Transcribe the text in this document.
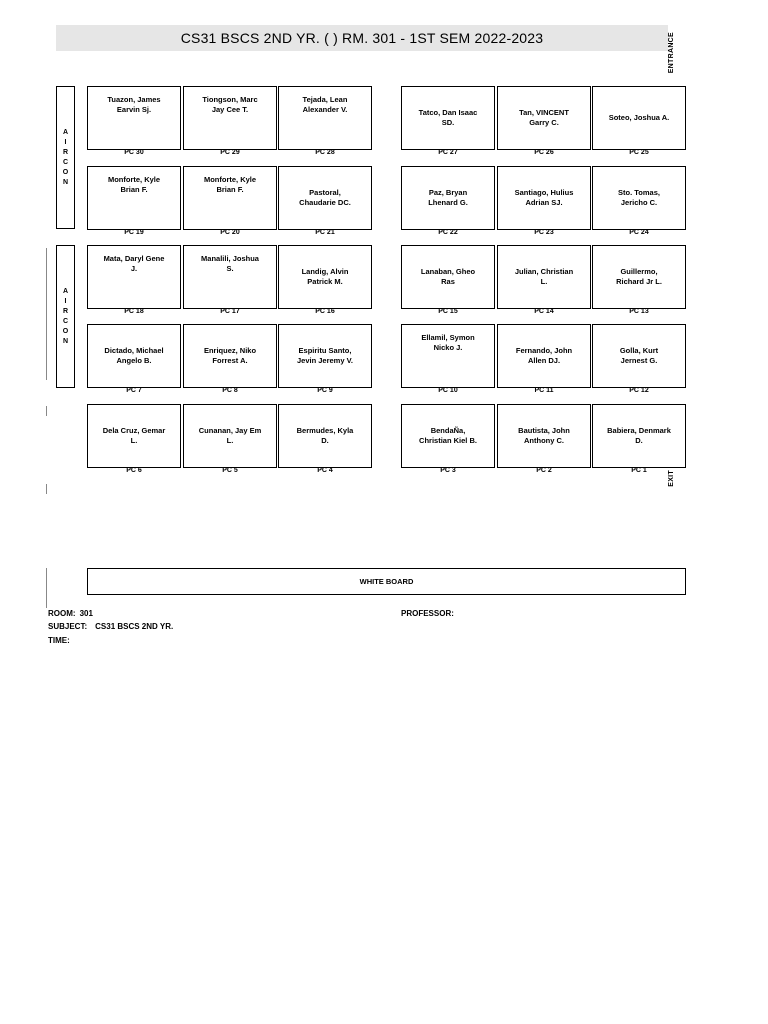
CS31 BSCS 2ND YR. ( ) RM. 301 - 1ST SEM 2022-2023	ENTRANCE
EXIT
A
I
R
C
O
N
A
I
R
C
O
N
Tuazon, James
Earvin Sj.
PC 30
Tiongson, Marc
Jay Cee T.
PC 29
Tejada, Lean
Alexander V.
PC 28
Tatco, Dan Isaac
SD.
PC 27
Tan, VINCENT
Garry C.
PC 26
Soteo, Joshua A.
PC 25
Monforte, Kyle
Brian F.
PC 19
Monforte, Kyle
Brian F.
PC 20
Pastoral,
Chaudarie DC.
PC 21
Paz, Bryan
Lhenard G.
PC 22
Santiago, Hulius
Adrian SJ.
PC 23
Sto. Tomas,
Jericho C.
PC 24
Mata, Daryl Gene
J.
PC 18
Manalili, Joshua
S.
PC 17
Landig, Alvin
Patrick M.
PC 16
Lanaban, Gheo
Ras
PC 15
Julian, Christian
L.
PC 14
Guillermo,
Richard Jr L.
PC 13
Dictado, Michael
Angelo B.
PC 7
Enriquez, Niko
Forrest A.
PC 8
Espiritu Santo,
Jevin Jeremy V.
PC 9
Ellamil, Symon
Nicko J.
PC 10
Fernando, John
Allen DJ.
PC 11
Golla, Kurt
Jernest G.
PC 12
Dela Cruz, Gemar
L.
PC 6
Cunanan, Jay Em
L.
PC 5
Bermudes, Kyla
D.
PC 4
BendaÑa,
Christian Kiel B.
PC 3
Bautista, John
Anthony C.
PC 2
Babiera, Denmark
D.
PC 1
WHITE BOARD
ROOM: 301
SUBJECT: CS31 BSCS 2ND YR.
TIME:
PROFESSOR:
